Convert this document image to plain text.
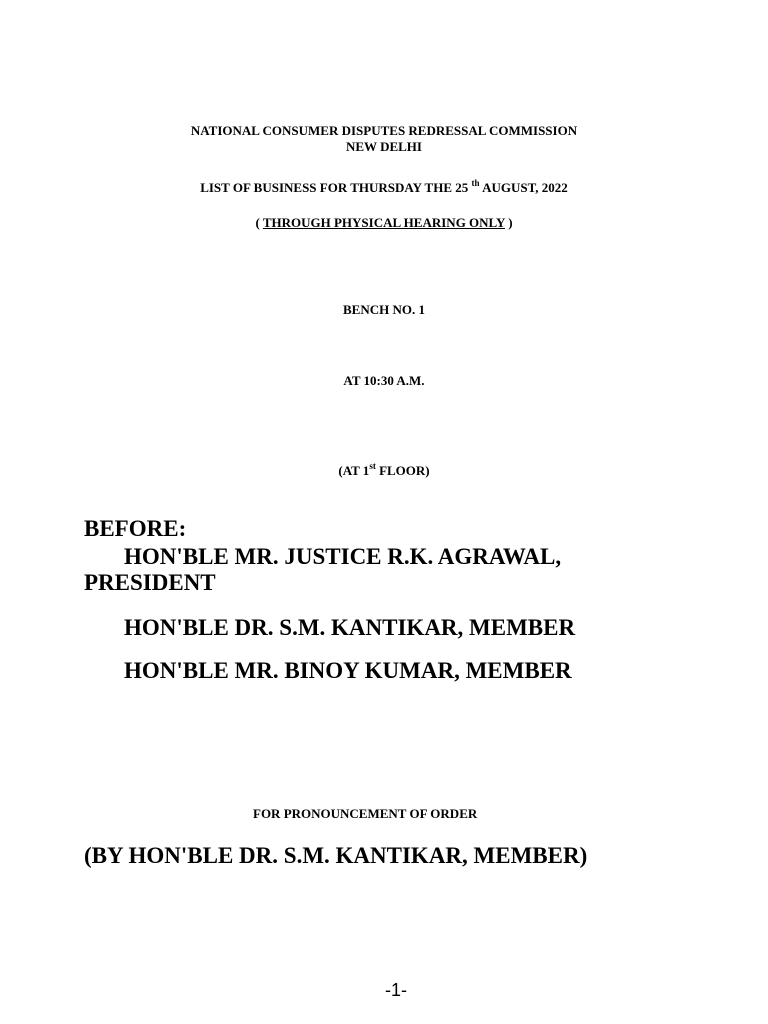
NATIONAL CONSUMER DISPUTES REDRESSAL COMMISSION
NEW DELHI
LIST OF BUSINESS FOR THURSDAY THE 25 $^{th}$ AUGUST, 2022
( THROUGH PHYSICAL HEARING ONLY )
BENCH NO. 1
AT 10:30 A.M.
(AT 1st FLOOR)
BEFORE:
HON'BLE MR. JUSTICE R.K. AGRAWAL,
PRESIDENT
HON'BLE DR. S.M. KANTIKAR, MEMBER
HON'BLE MR. BINOY KUMAR, MEMBER
FOR PRONOUNCEMENT OF ORDER
(BY HON'BLE DR. S.M. KANTIKAR, MEMBER)
-1-
